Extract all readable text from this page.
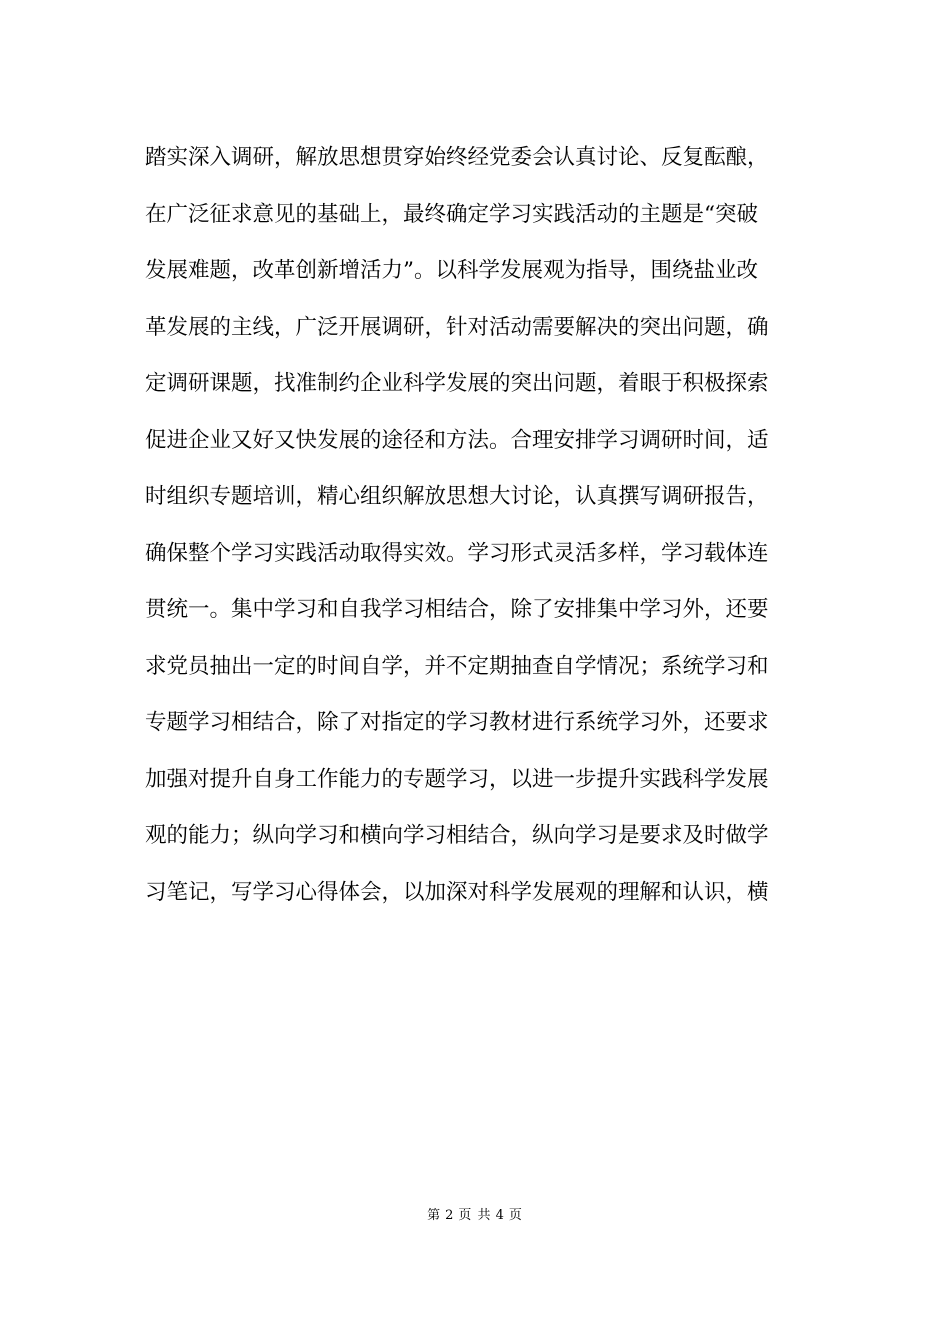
踏实深入调研，解放思想贯穿始终经党委会认真讨论、反复酝酿，
在广泛征求意见的基础上，最终确定学习实践活动的主题是“突破
发展难题，改革创新增活力”。以科学发展观为指导，围绕盐业改
革发展的主线，广泛开展调研，针对活动需要解决的突出问题，确
定调研课题，找准制约企业科学发展的突出问题，着眼于积极探索
促进企业又好又快发展的途径和方法。合理安排学习调研时间，适
时组织专题培训，精心组织解放思想大讨论，认真撰写调研报告，
确保整个学习实践活动取得实效。学习形式灵活多样，学习载体连
贯统一。集中学习和自我学习相结合，除了安排集中学习外，还要
求党员抽出一定的时间自学，并不定期抽查自学情况；系统学习和
专题学习相结合，除了对指定的学习教材进行系统学习外，还要求
加强对提升自身工作能力的专题学习，以进一步提升实践科学发展
观的能力；纵向学习和横向学习相结合，纵向学习是要求及时做学
习笔记，写学习心得体会，以加深对科学发展观的理解和认识，横
第 2 页 共 4 页
